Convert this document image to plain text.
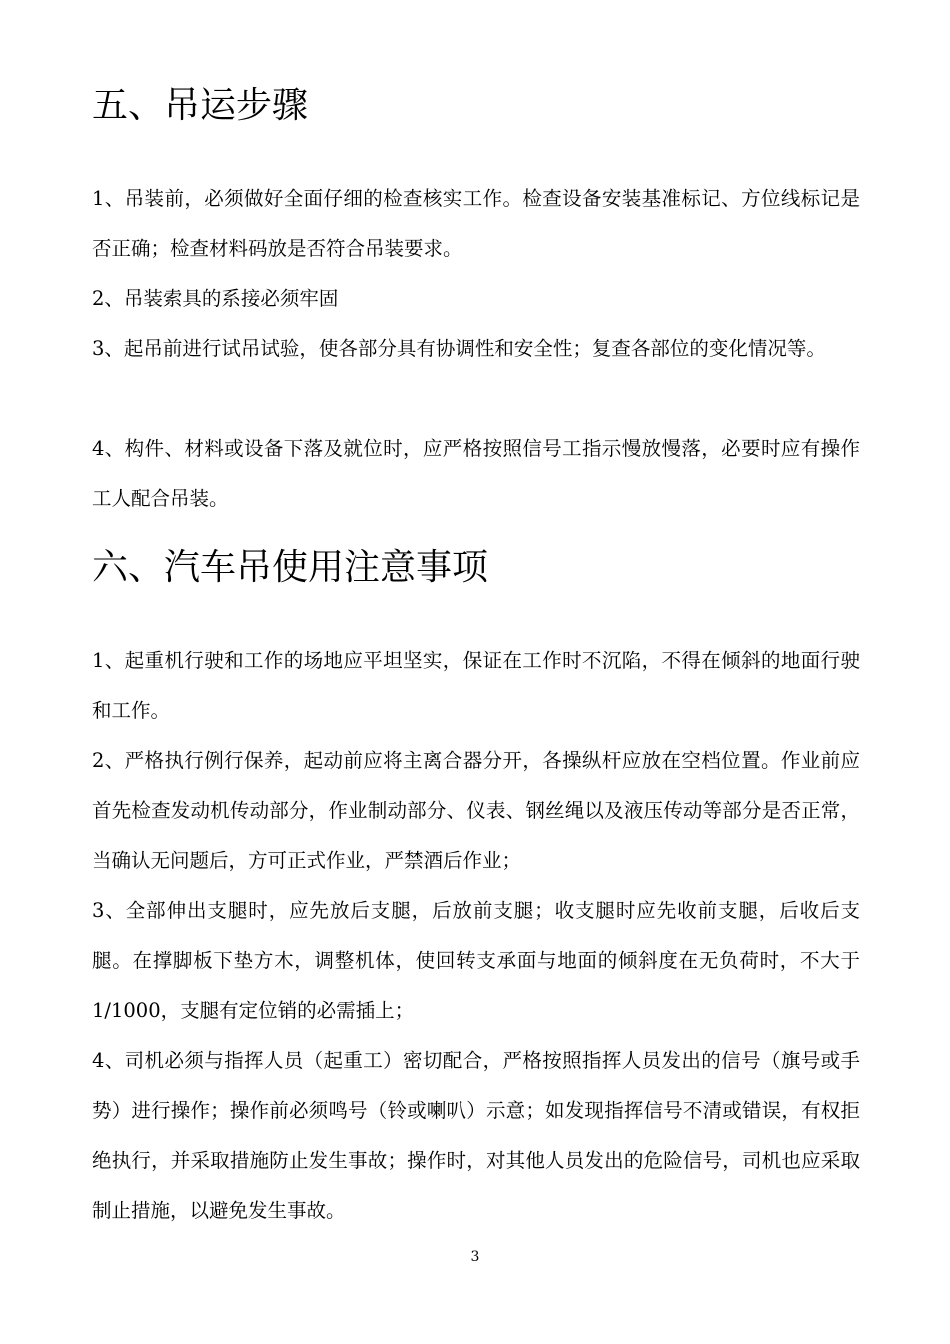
五、吊运步骤

1、吊装前，必须做好全面仔细的检查核实工作。检查设备安装基准标记、方位线标记是否正确；检查材料码放是否符合吊装要求。

2、吊装索具的系接必须牢固

3、起吊前进行试吊试验，使各部分具有协调性和安全性；复查各部位的变化情况等。

4、构件、材料或设备下落及就位时，应严格按照信号工指示慢放慢落，必要时应有操作工人配合吊装。

六、汽车吊使用注意事项

1、起重机行驶和工作的场地应平坦坚实，保证在工作时不沉陷，不得在倾斜的地面行驶和工作。

2、严格执行例行保养，起动前应将主离合器分开，各操纵杆应放在空档位置。作业前应首先检查发动机传动部分，作业制动部分、仪表、钢丝绳以及液压传动等部分是否正常，当确认无问题后，方可正式作业，严禁酒后作业；

3、全部伸出支腿时，应先放后支腿，后放前支腿；收支腿时应先收前支腿，后收后支腿。在撑脚板下垫方木，调整机体，使回转支承面与地面的倾斜度在无负荷时，不大于 1/1000，支腿有定位销的必需插上；

4、司机必须与指挥人员（起重工）密切配合，严格按照指挥人员发出的信号（旗号或手势）进行操作；操作前必须鸣号（铃或喇叭）示意；如发现指挥信号不清或错误，有权拒绝执行，并采取措施防止发生事故；操作时，对其他人员发出的危险信号，司机也应采取制止措施，以避免发生事故。

3
